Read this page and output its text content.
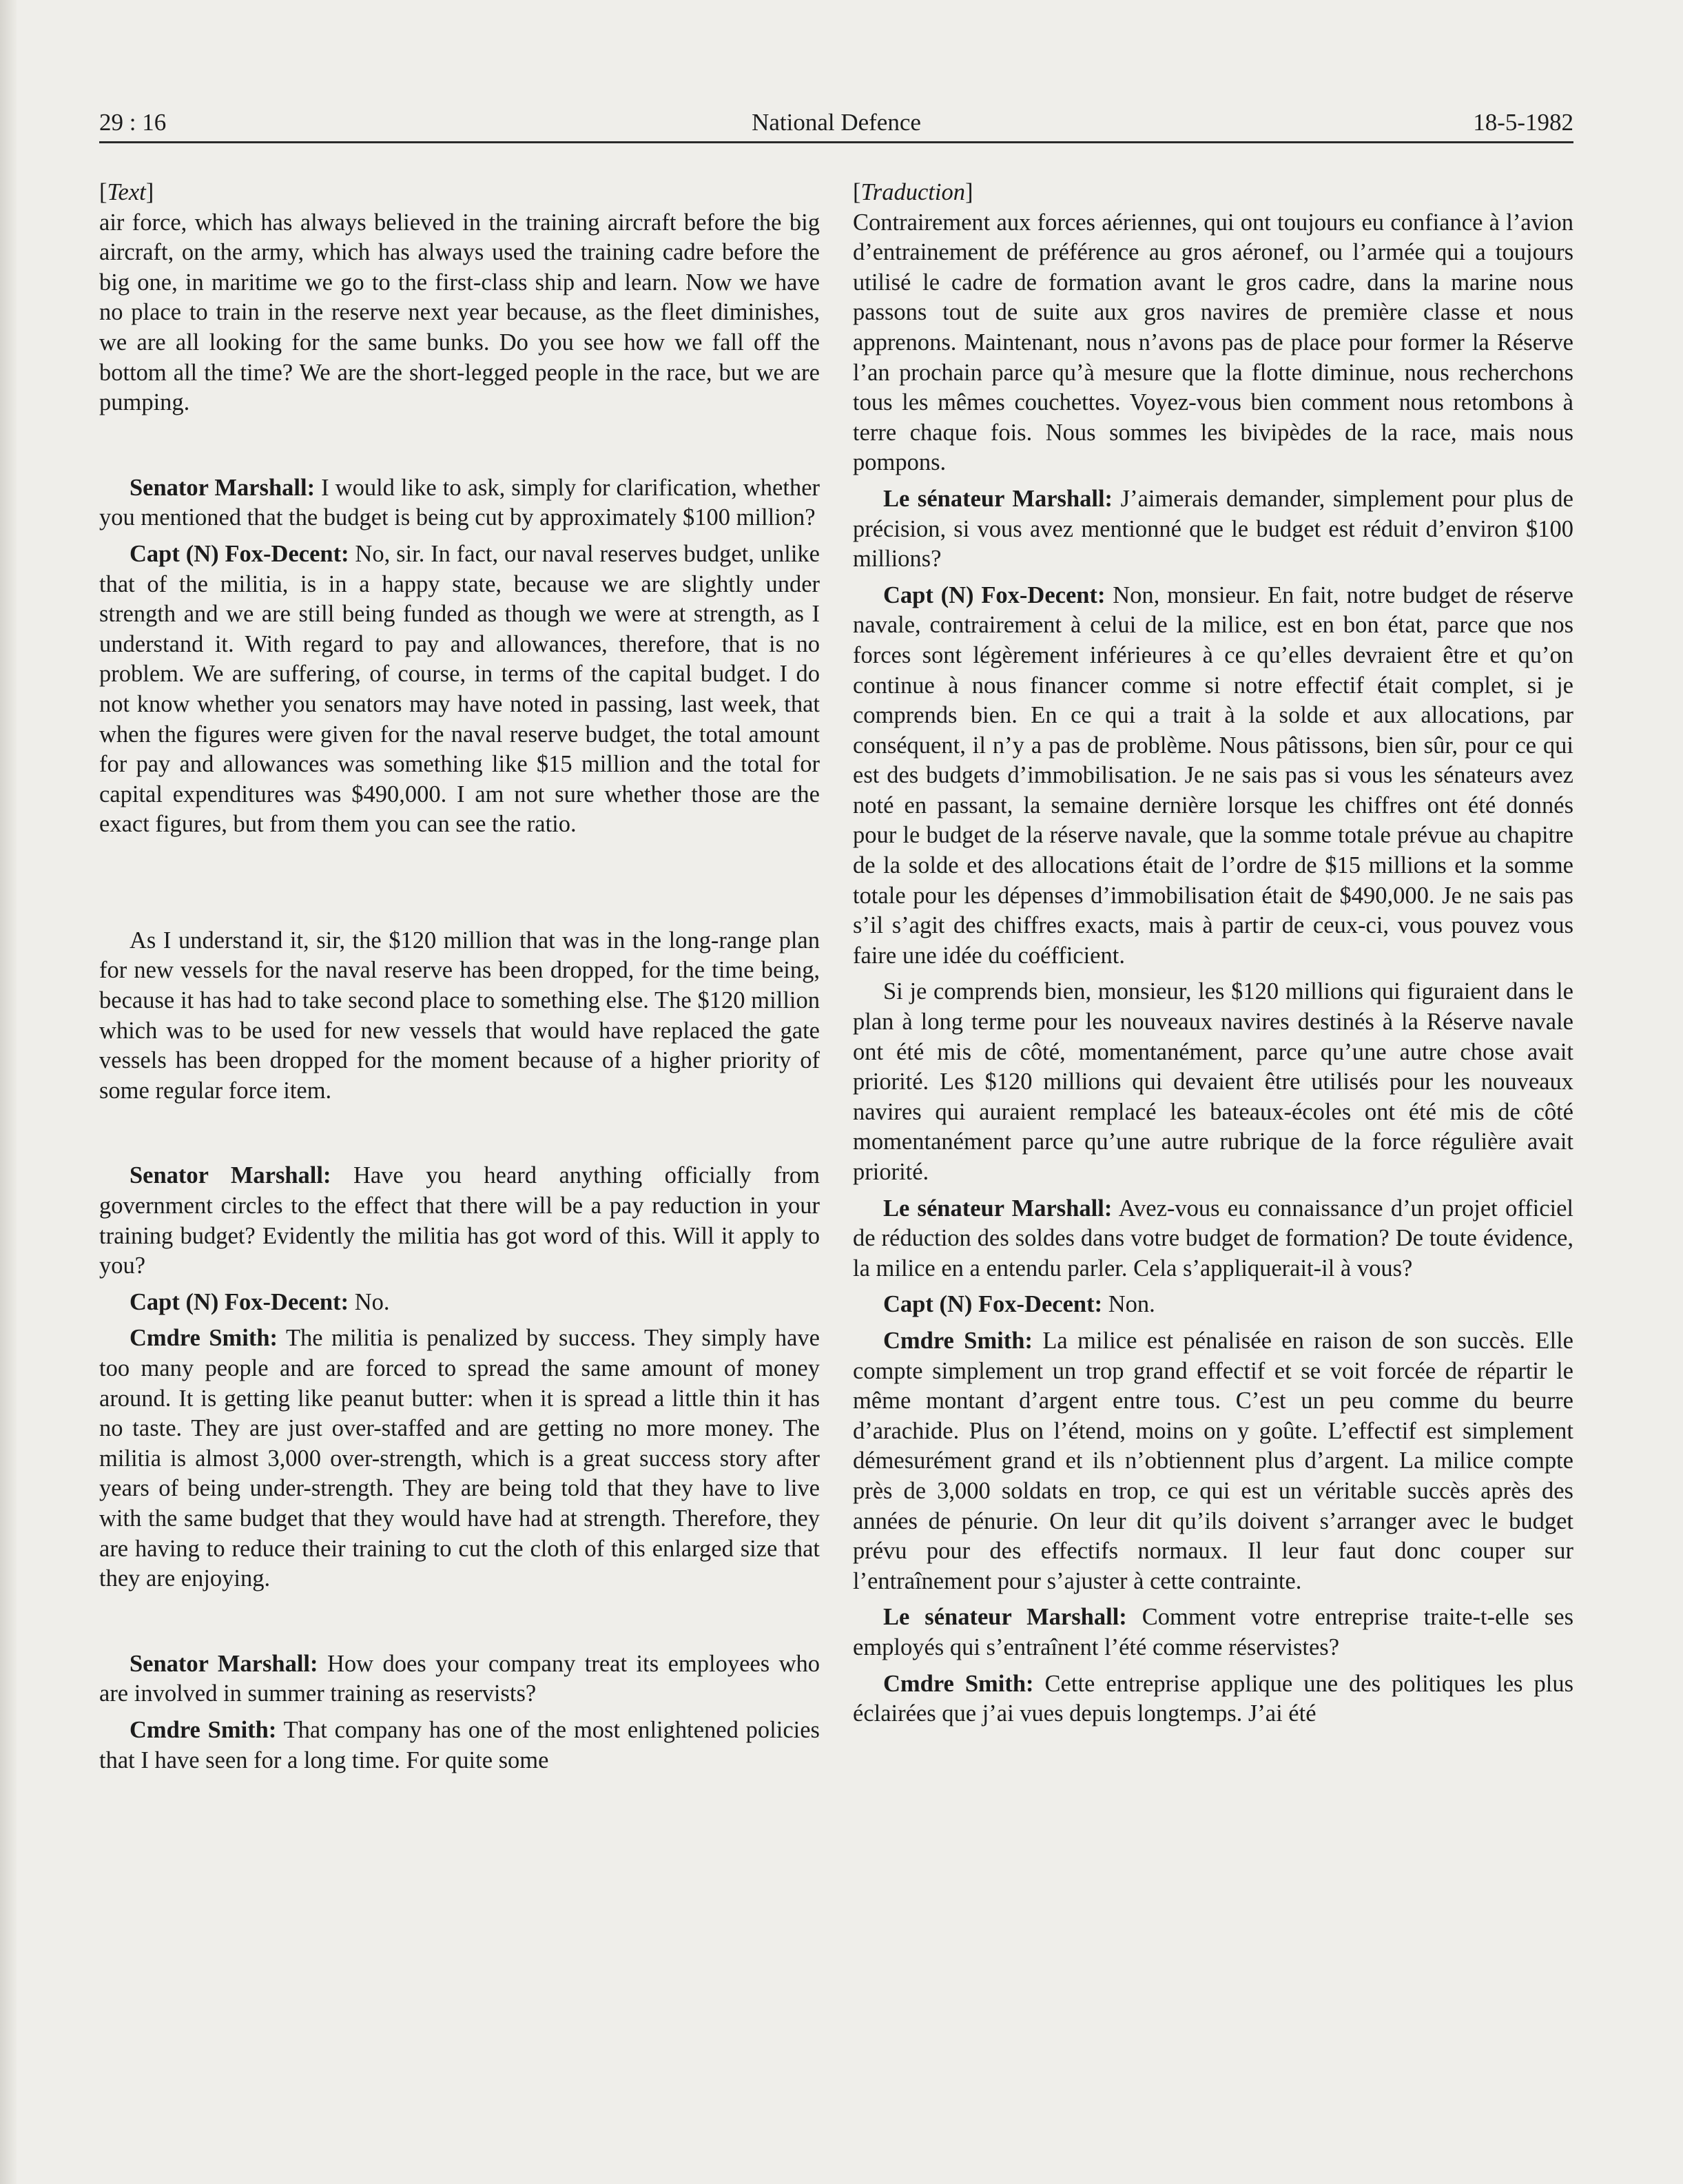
29 : 16	National Defence	18-5-1982

[Text]

air force, which has always believed in the training aircraft before the big aircraft, on the army, which has always used the training cadre before the big one, in maritime we go to the first-class ship and learn. Now we have no place to train in the reserve next year because, as the fleet diminishes, we are all looking for the same bunks. Do you see how we fall off the bottom all the time? We are the short-legged people in the race, but we are pumping.

Senator Marshall: I would like to ask, simply for clarification, whether you mentioned that the budget is being cut by approximately $100 million?

Capt (N) Fox-Decent: No, sir. In fact, our naval reserves budget, unlike that of the militia, is in a happy state, because we are slightly under strength and we are still being funded as though we were at strength, as I understand it. With regard to pay and allowances, therefore, that is no problem. We are suffering, of course, in terms of the capital budget. I do not know whether you senators may have noted in passing, last week, that when the figures were given for the naval reserve budget, the total amount for pay and allowances was something like $15 million and the total for capital expenditures was $490,000. I am not sure whether those are the exact figures, but from them you can see the ratio.

As I understand it, sir, the $120 million that was in the long-range plan for new vessels for the naval reserve has been dropped, for the time being, because it has had to take second place to something else. The $120 million which was to be used for new vessels that would have replaced the gate vessels has been dropped for the moment because of a higher priority of some regular force item.

Senator Marshall: Have you heard anything officially from government circles to the effect that there will be a pay reduction in your training budget? Evidently the militia has got word of this. Will it apply to you?

Capt (N) Fox-Decent: No.

Cmdre Smith: The militia is penalized by success. They simply have too many people and are forced to spread the same amount of money around. It is getting like peanut butter: when it is spread a little thin it has no taste. They are just over-staffed and are getting no more money. The militia is almost 3,000 over-strength, which is a great success story after years of being under-strength. They are being told that they have to live with the same budget that they would have had at strength. Therefore, they are having to reduce their training to cut the cloth of this enlarged size that they are enjoying.

Senator Marshall: How does your company treat its employees who are involved in summer training as reservists?

Cmdre Smith: That company has one of the most enlightened policies that I have seen for a long time. For quite some

[Traduction]

Contrairement aux forces aériennes, qui ont toujours eu confiance à l’avion d’entrainement de préférence au gros aéronef, ou l’armée qui a toujours utilisé le cadre de formation avant le gros cadre, dans la marine nous passons tout de suite aux gros navires de première classe et nous apprenons. Maintenant, nous n’avons pas de place pour former la Réserve l’an prochain parce qu’à mesure que la flotte diminue, nous recherchons tous les mêmes couchettes. Voyez-vous bien comment nous retombons à terre chaque fois. Nous sommes les bivipèdes de la race, mais nous pompons.

Le sénateur Marshall: J’aimerais demander, simplement pour plus de précision, si vous avez mentionné que le budget est réduit d’environ $100 millions?

Capt (N) Fox-Decent: Non, monsieur. En fait, notre budget de réserve navale, contrairement à celui de la milice, est en bon état, parce que nos forces sont légèrement inférieures à ce qu’elles devraient être et qu’on continue à nous financer comme si notre effectif était complet, si je comprends bien. En ce qui a trait à la solde et aux allocations, par conséquent, il n’y a pas de problème. Nous pâtissons, bien sûr, pour ce qui est des budgets d’immobilisation. Je ne sais pas si vous les sénateurs avez noté en passant, la semaine dernière lorsque les chiffres ont été donnés pour le budget de la réserve navale, que la somme totale prévue au chapitre de la solde et des allocations était de l’ordre de $15 millions et la somme totale pour les dépenses d’immobilisation était de $490,000. Je ne sais pas s’il s’agit des chiffres exacts, mais à partir de ceux-ci, vous pouvez vous faire une idée du coéfficient.

Si je comprends bien, monsieur, les $120 millions qui figuraient dans le plan à long terme pour les nouveaux navires destinés à la Réserve navale ont été mis de côté, momentanément, parce qu’une autre chose avait priorité. Les $120 millions qui devaient être utilisés pour les nouveaux navires qui auraient remplacé les bateaux-écoles ont été mis de côté momentanément parce qu’une autre rubrique de la force régulière avait priorité.

Le sénateur Marshall: Avez-vous eu connaissance d’un projet officiel de réduction des soldes dans votre budget de formation? De toute évidence, la milice en a entendu parler. Cela s’appliquerait-il à vous?

Capt (N) Fox-Decent: Non.

Cmdre Smith: La milice est pénalisée en raison de son succès. Elle compte simplement un trop grand effectif et se voit forcée de répartir le même montant d’argent entre tous. C’est un peu comme du beurre d’arachide. Plus on l’étend, moins on y goûte. L’effectif est simplement démesurément grand et ils n’obtiennent plus d’argent. La milice compte près de 3,000 soldats en trop, ce qui est un véritable succès après des années de pénurie. On leur dit qu’ils doivent s’arranger avec le budget prévu pour des effectifs normaux. Il leur faut donc couper sur l’entraînement pour s’ajuster à cette contrainte.

Le sénateur Marshall: Comment votre entreprise traite-t-elle ses employés qui s’entraînent l’été comme réservistes?

Cmdre Smith: Cette entreprise applique une des politiques les plus éclairées que j’ai vues depuis longtemps. J’ai été
